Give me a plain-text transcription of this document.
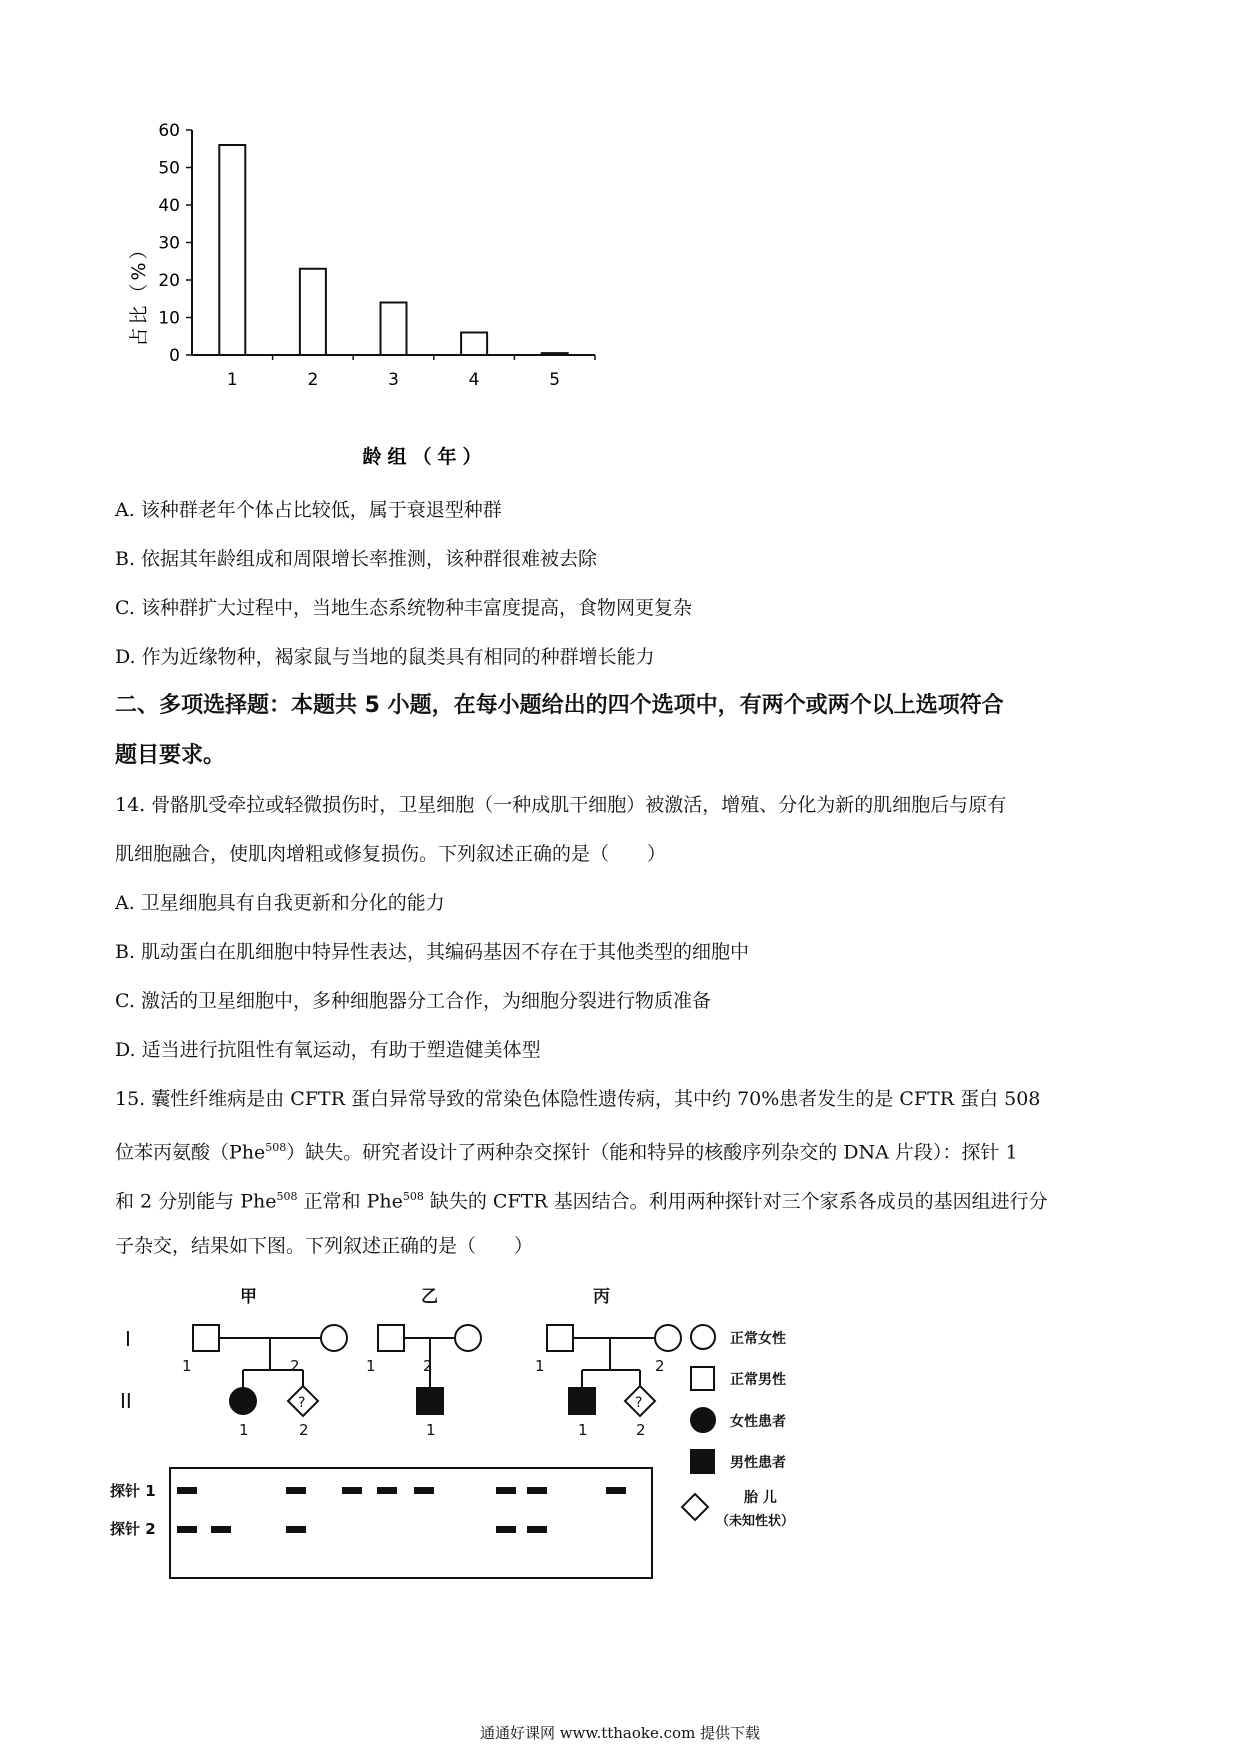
60
50
40
30
20
10
0
1	2	3	4	5
占比（%）
龄组（年）
A. 该种群老年个体占比较低，属于衰退型种群
B. 依据其年龄组成和周限增长率推测，该种群很难被去除
C. 该种群扩大过程中，当地生态系统物种丰富度提高，食物网更复杂
D. 作为近缘物种，褐家鼠与当地的鼠类具有相同的种群增长能力
二、多项选择题：本题共 5 小题，在每小题给出的四个选项中，有两个或两个以上选项符合
题目要求。
14. 骨骼肌受牵拉或轻微损伤时，卫星细胞（一种成肌干细胞）被激活，增殖、分化为新的肌细胞后与原有
肌细胞融合，使肌肉增粗或修复损伤。下列叙述正确的是（　　）
A. 卫星细胞具有自我更新和分化的能力
B. 肌动蛋白在肌细胞中特异性表达，其编码基因不存在于其他类型的细胞中
C. 激活的卫星细胞中，多种细胞器分工合作，为细胞分裂进行物质准备
D. 适当进行抗阻性有氧运动，有助于塑造健美体型
15. 囊性纤维病是由 CFTR 蛋白异常导致的常染色体隐性遗传病，其中约 70%患者发生的是 CFTR 蛋白 508
位苯丙氨酸（Phe$^{508}$）缺失。研究者设计了两种杂交探针（能和特异的核酸序列杂交的 DNA 片段）：探针 1
和 2 分别能与 Phe$^{508}$ 正常和 Phe$^{508}$ 缺失的 CFTR 基因结合。利用两种探针对三个家系各成员的基因组进行分
子杂交，结果如下图。下列叙述正确的是（　　）
甲	乙	丙
I
II
1	2
1	2
?
1	2
1
1	2
1	2
?
探针 1
探针 2
正常女性
正常男性
女性患者
男性患者
胎 儿
（未知性状）
通通好课网 www.tthaoke.com 提供下载
